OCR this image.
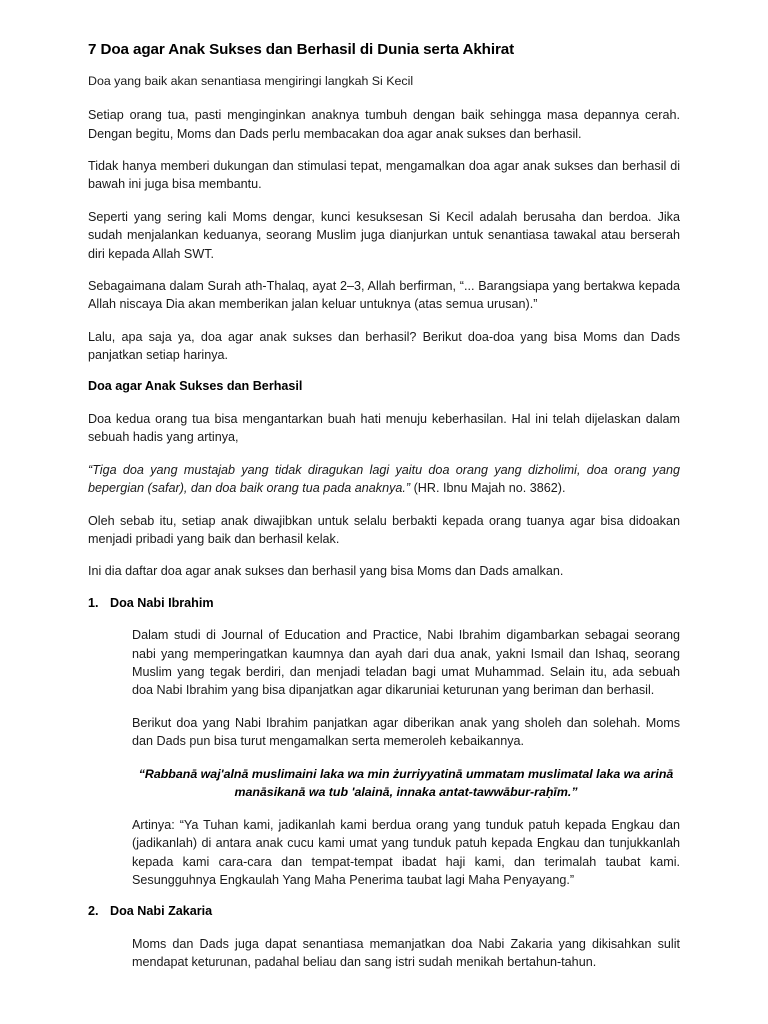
7 Doa agar Anak Sukses dan Berhasil di Dunia serta Akhirat

Doa yang baik akan senantiasa mengiringi langkah Si Kecil

Setiap orang tua, pasti menginginkan anaknya tumbuh dengan baik sehingga masa depannya cerah. Dengan begitu, Moms dan Dads perlu membacakan doa agar anak sukses dan berhasil.

Tidak hanya memberi dukungan dan stimulasi tepat, mengamalkan doa agar anak sukses dan berhasil di bawah ini juga bisa membantu.

Seperti yang sering kali Moms dengar, kunci kesuksesan Si Kecil adalah berusaha dan berdoa. Jika sudah menjalankan keduanya, seorang Muslim juga dianjurkan untuk senantiasa tawakal atau berserah diri kepada Allah SWT.

Sebagaimana dalam Surah ath-Thalaq, ayat 2–3, Allah berfirman, “... Barangsiapa yang bertakwa kepada Allah niscaya Dia akan memberikan jalan keluar untuknya (atas semua urusan).”

Lalu, apa saja ya, doa agar anak sukses dan berhasil? Berikut doa-doa yang bisa Moms dan Dads panjatkan setiap harinya.

Doa agar Anak Sukses dan Berhasil

Doa kedua orang tua bisa mengantarkan buah hati menuju keberhasilan. Hal ini telah dijelaskan dalam sebuah hadis yang artinya,

“Tiga doa yang mustajab yang tidak diragukan lagi yaitu doa orang yang dizholimi, doa orang yang bepergian (safar), dan doa baik orang tua pada anaknya.” (HR. Ibnu Majah no. 3862).

Oleh sebab itu, setiap anak diwajibkan untuk selalu berbakti kepada orang tuanya agar bisa didoakan menjadi pribadi yang baik dan berhasil kelak.

Ini dia daftar doa agar anak sukses dan berhasil yang bisa Moms dan Dads amalkan.

1. Doa Nabi Ibrahim

Dalam studi di Journal of Education and Practice, Nabi Ibrahim digambarkan sebagai seorang nabi yang memperingatkan kaumnya dan ayah dari dua anak, yakni Ismail dan Ishaq, seorang Muslim yang tegak berdiri, dan menjadi teladan bagi umat Muhammad. Selain itu, ada sebuah doa Nabi Ibrahim yang bisa dipanjatkan agar dikaruniai keturunan yang beriman dan berhasil.

Berikut doa yang Nabi Ibrahim panjatkan agar diberikan anak yang sholeh dan solehah. Moms dan Dads pun bisa turut mengamalkan serta memeroleh kebaikannya.

“Rabbanā waj'alnā muslimaini laka wa min żurriyyatinā ummatam muslimatal laka wa arinā manāsikanā wa tub 'alainā, innaka antat-tawwābur-raḥīm.”

Artinya: “Ya Tuhan kami, jadikanlah kami berdua orang yang tunduk patuh kepada Engkau dan (jadikanlah) di antara anak cucu kami umat yang tunduk patuh kepada Engkau dan tunjukkanlah kepada kami cara-cara dan tempat-tempat ibadat haji kami, dan terimalah taubat kami. Sesungguhnya Engkaulah Yang Maha Penerima taubat lagi Maha Penyayang.”

2. Doa Nabi Zakaria

Moms dan Dads juga dapat senantiasa memanjatkan doa Nabi Zakaria yang dikisahkan sulit mendapat keturunan, padahal beliau dan sang istri sudah menikah bertahun-tahun.
